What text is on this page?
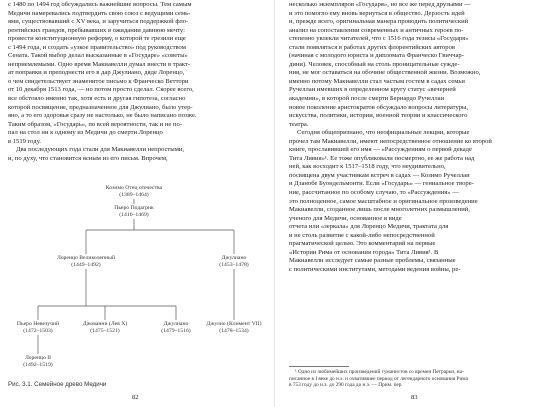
с 1480 по 1494 год обсуждались важнейшие вопросы. Тем самым
Медичи намеревались подтвердить свою союз с ведущими семь-
ями, существовавший с XV века, и заручиться поддержкой фло-
рентийских грандов, пребывавших в ожидании давнюю мечту:
провести конституционную реформу, о которой те грезили еще
с 1494 года, и создать «узкое правительство» под руководством
Сената. Такой выбор делал высказанные в «Государе» «советы»
неприемлемыми. Одно время Макиавелли думал внести в тракт-
ат поправки и преподнести его в дар Джулиано, дяде Лоренцо,
о чем свидетельствует знаменитое письмо к Франческо Веттори
от 10 декабря 1513 года, — но потом просто сделал. Скорее всего,
все обстояло именно так, хотя есть и другая гипотеза, согласно
которой посвящение, предназначенное для Джулиано, было утер-
яно, а то его здоровья сразу не настолько, не было написано позже.
Таким образом, «Государь», по всей вероятности, так и не по-
пал на стол ни к одному из Медичи до смерти Лоренцо
в 1519 году.
Два последующих года стали для Макиавелли непростыми,
и, по духу, что становится ясным из его письм. Впрочем,
Козимо Отец отечества
(1389–1464)
Пьеро Подагрик
(1416–1469)
Лоренцо Великолепный
(1449–1492)
Джулиано
(1453–1478)
Пьеро Невезучий
(1472–1503)
Джованни (Лев X)
(1475–1521)
Джулиано
(1479–1516)
Джулио (Климент VII)
(1478–1534)
Лоренцо II
(1492–1519)
Рис. 3.1. Семейное древо Медичи
82
несколько экземпляров «Государя», но все же перед друзьями —
и это помогло ему вновь вернуться в общество. Дерзость идей
и, прежде всего, оригинальная манера проводить политический
анализ на сопоставлении современных и античных героев по-
степенно увлекли читателей, что с 1516 года тезисы «Государя»
стали появляться в работах других флорентийских авторов
(начиная с молодого юриста и дипломата Франческо Гвиччар-
дини). Человек, способный на столь проницательные сужде-
ния, не мог оставаться на обочине общественной жизни. Возможно,
именно потому Макиавелли стал частым гостем в садах семьи
Ручеллаи имевших в определенном кругу статус «вечерней
академии», в которой после смерти Бернардо Ручеллаи
новое поколение аристократов обсуждало вопросы литературы,
искусства, политики, истории, военной теории и классического
театра.
Сегодня общепризнано, что неофициальные лекции, которые
прочел там Макиавелли, имеют непосредственное отношение ко второй
книге, прославившей его имя — «Рассуждениям о первой декаде
Тита Ливия»¹. Ее тоже опубликовали посмертно, ее же работа над
ней, как восходит к 1517–1518 году, что неудивительно,
посвящена двум участникам встреч в садах — Козимо Ручеллаи
и Дзанобе Буондельмонти. Если «Государь» — гениальное творе-
ние, рассчитанное по особому случаю, то «Рассуждения» —
это полноценное, самое масштабное и оригинальное произведение
Макиавелли, созданное лишь после многолетних размышлений,
ученого для Медичи, основанное в виде
отчета или «зеркала» для Лоренцо Медичи, трактата для
и не столь развитие с какой-либо непосредственной
прагматической целью. Это комментарий на первые
«Истории Рима от основания города» Тита Ливия¹. В
Макиавелли исследует самые разные проблемы, связанные
с политическими институтами, методами ведения войны, ре-
¹ Одно из любимейших произведений гуманистов со времен Петрарки, на-
писанное в I веке до н.э. и охватившее период от легендарного основания Рима
в 753 году до н.э. до 290 года до н.э. — Прим. пер.
83
